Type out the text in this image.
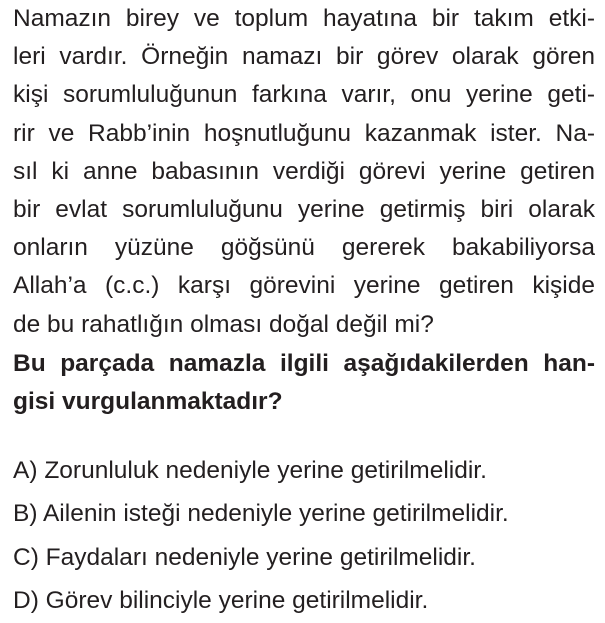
Namazın birey ve toplum hayatına bir takım etki-
leri vardır. Örneğin namazı bir görev olarak gören
kişi sorumluluğunun farkına varır, onu yerine geti-
rir ve Rabb’inin hoşnutluğunu kazanmak ister. Na-
sıl ki anne babasının verdiği görevi yerine getiren
bir evlat sorumluluğunu yerine getirmiş biri olarak
onların yüzüne göğsünü gererek bakabiliyorsa
Allah’a (c.c.) karşı görevini yerine getiren kişide
de bu rahatlığın olması doğal değil mi?
Bu parçada namazla ilgili aşağıdakilerden han-
gisi vurgulanmaktadır?
A) Zorunluluk nedeniyle yerine getirilmelidir.
B) Ailenin isteği nedeniyle yerine getirilmelidir.
C) Faydaları nedeniyle yerine getirilmelidir.
D) Görev bilinciyle yerine getirilmelidir.
